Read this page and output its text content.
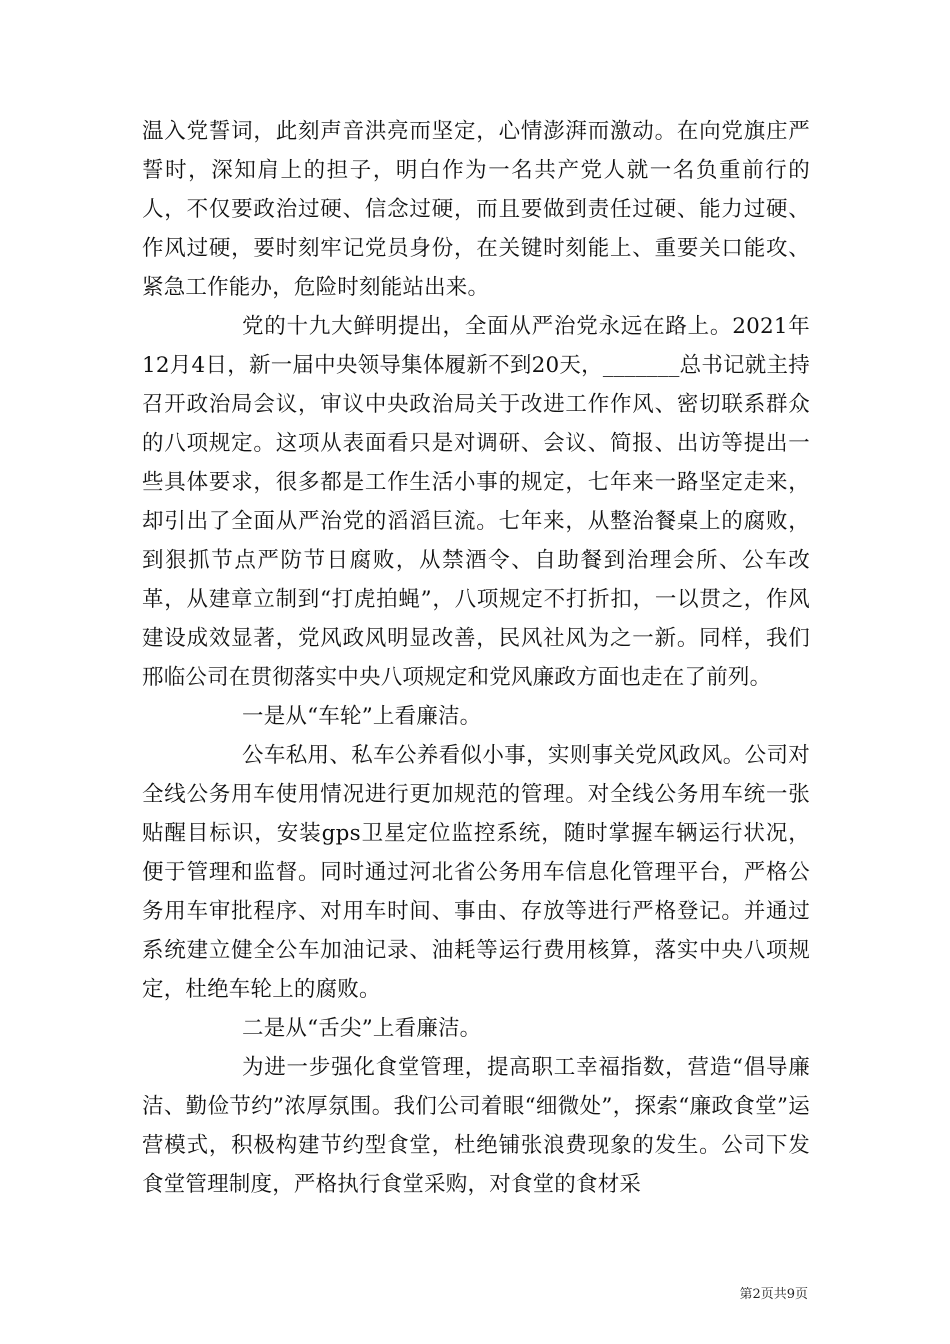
温入党誓词，此刻声音洪亮而坚定，心情澎湃而激动。在向党旗庄严誓时，深知肩上的担子，明白作为一名共产党人就一名负重前行的人，不仅要政治过硬、信念过硬，而且要做到责任过硬、能力过硬、作风过硬，要时刻牢记党员身份，在关键时刻能上、重要关口能攻、紧急工作能办，危险时刻能站出来。

党的十九大鲜明提出，全面从严治党永远在路上。2021年12月4日，新一届中央领导集体履新不到20天，_______总书记就主持召开政治局会议，审议中央政治局关于改进工作作风、密切联系群众的八项规定。这项从表面看只是对调研、会议、简报、出访等提出一些具体要求，很多都是工作生活小事的规定，七年来一路坚定走来，却引出了全面从严治党的滔滔巨流。七年来，从整治餐桌上的腐败，到狠抓节点严防节日腐败，从禁酒令、自助餐到治理会所、公车改革，从建章立制到“打虎拍蝇”，八项规定不打折扣，一以贯之，作风建设成效显著，党风政风明显改善，民风社风为之一新。同样，我们邢临公司在贯彻落实中央八项规定和党风廉政方面也走在了前列。

一是从“车轮”上看廉洁。

公车私用、私车公养看似小事，实则事关党风政风。公司对全线公务用车使用情况进行更加规范的管理。对全线公务用车统一张贴醒目标识，安装gps卫星定位监控系统，随时掌握车辆运行状况，便于管理和监督。同时通过河北省公务用车信息化管理平台，严格公务用车审批程序、对用车时间、事由、存放等进行严格登记。并通过系统建立健全公车加油记录、油耗等运行费用核算，落实中央八项规定，杜绝车轮上的腐败。

二是从“舌尖”上看廉洁。

为进一步强化食堂管理，提高职工幸福指数，营造“倡导廉洁、勤俭节约”浓厚氛围。我们公司着眼“细微处”，探索“廉政食堂”运营模式，积极构建节约型食堂，杜绝铺张浪费现象的发生。公司下发食堂管理制度，严格执行食堂采购，对食堂的食材采

第2页共9页
